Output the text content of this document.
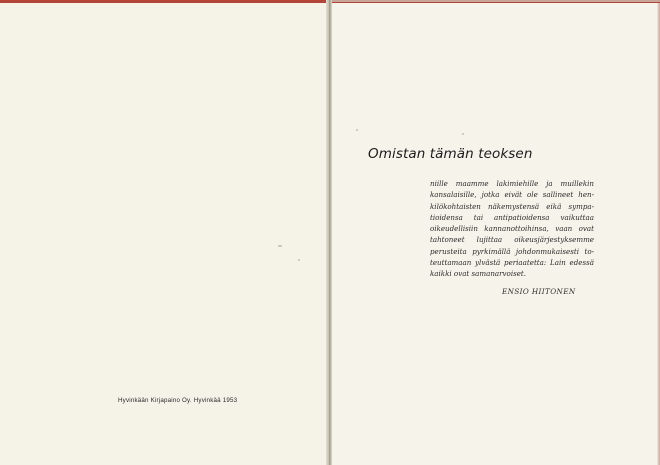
Hyvinkään Kirjapaino Oy. Hyvinkää 1953
Omistan tämän teoksen
niille maamme lakimiehille ja muillekin
kansalaisille, jotka eivät ole sallineet hen-
kilökohtaisten näkemystensä eikä sympa-
tioidensa tai antipatioidensa vaikuttaa
oikeudellisiin kannanottoihinsa, vaan ovat
tahtoneet lujittaa oikeusjärjestyksemme
perusteita pyrkimällä johdonmukaisesti to-
teuttamaan ylvästä periaatetta: Lain edessä
kaikki ovat samanarvoiset.
ENSIO HIITONEN
